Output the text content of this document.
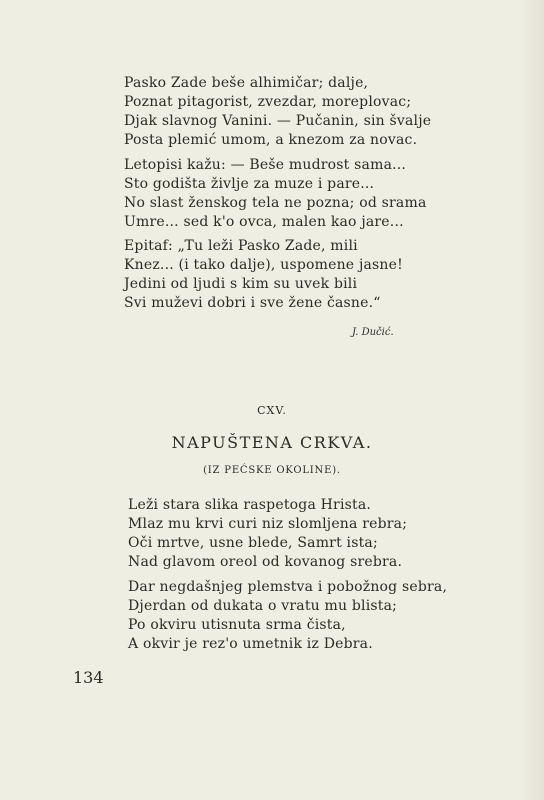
Pasko Zade beše alhimičar; dalje,
Poznat pitagorist, zvezdar, moreplovac;
Djak slavnog Vanini. — Pučanin, sin švalje
Posta plemić umom, a knezom za novac.
Letopisi kažu: — Beše mudrost sama...
Sto godišta življe za muze i pare...
No slast ženskog tela ne pozna; od srama
Umre... sed k'o ovca, malen kao jare...
Epitaf: „Tu leži Pasko Zade, mili
Knez... (i tako dalje), uspomene jasne!
Jedini od ljudi s kim su uvek bili
Svi muževi dobri i sve žene časne.“
J. Dučić.
CXV.
NAPUŠTENA CRKVA.
(IZ PEĆSKE OKOLINE).
Leži stara slika raspetoga Hrista.
Mlaz mu krvi curi niz slomljena rebra;
Oči mrtve, usne blede, Samrt ista;
Nad glavom oreol od kovanog srebra.
Dar negdašnjeg plemstva i pobožnog sebra,
Djerdan od dukata o vratu mu blista;
Po okviru utisnuta srma čista,
A okvir je rez'o umetnik iz Debra.
134
